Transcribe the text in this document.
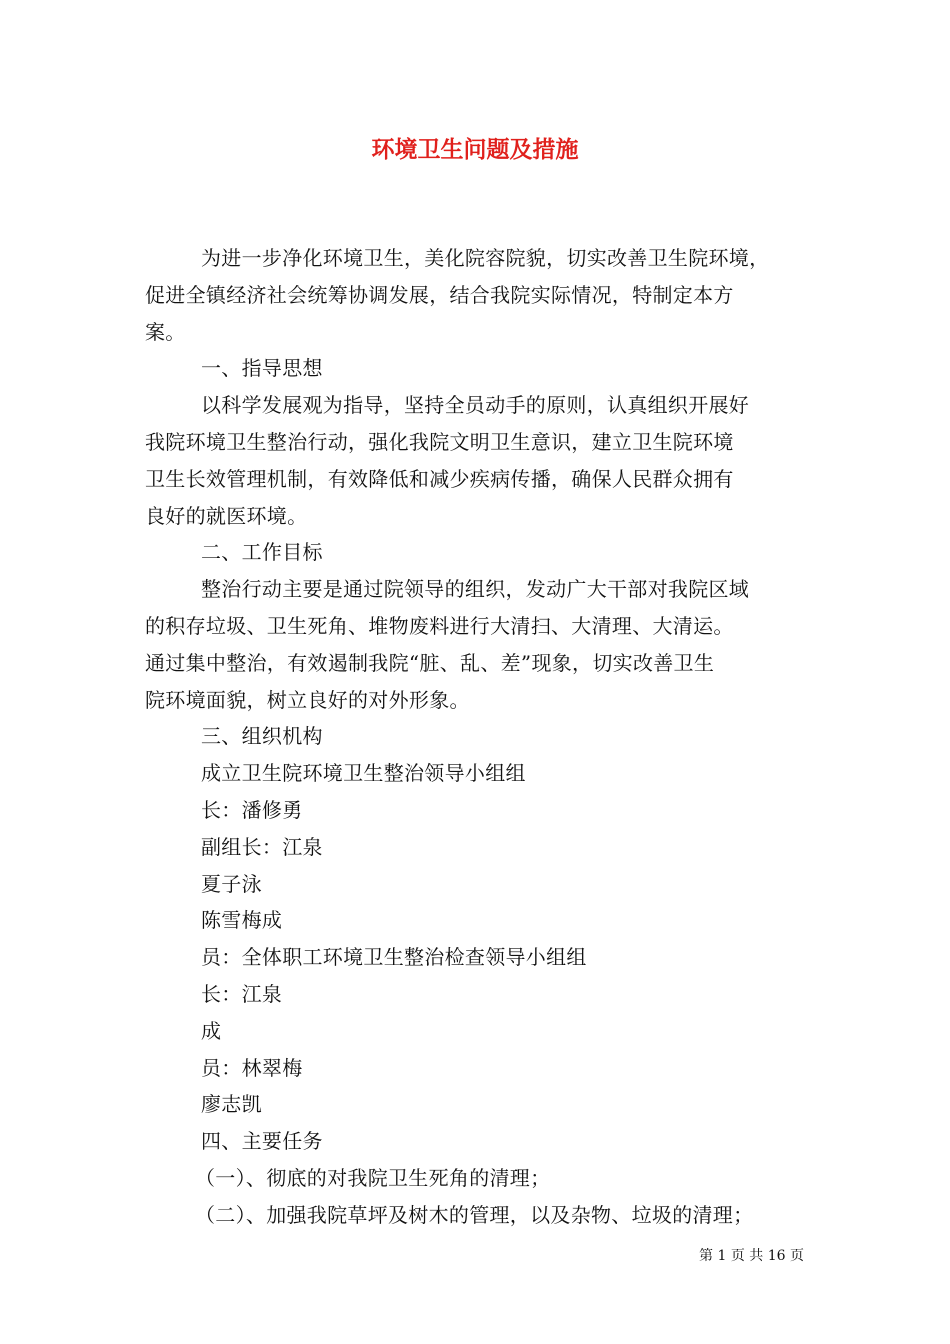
环境卫生问题及措施

为进一步净化环境卫生，美化院容院貌，切实改善卫生院环境，

促进全镇经济社会统筹协调发展，结合我院实际情况，特制定本方

案。

一、指导思想

以科学发展观为指导，坚持全员动手的原则，认真组织开展好

我院环境卫生整治行动，强化我院文明卫生意识，建立卫生院环境

卫生长效管理机制，有效降低和减少疾病传播，确保人民群众拥有

良好的就医环境。

二、工作目标

整治行动主要是通过院领导的组织，发动广大干部对我院区域

的积存垃圾、卫生死角、堆物废料进行大清扫、大清理、大清运。

通过集中整治，有效遏制我院“脏、乱、差”现象，切实改善卫生

院环境面貌，树立良好的对外形象。

三、组织机构

成立卫生院环境卫生整治领导小组组

长：潘修勇

副组长：江泉

夏子泳

陈雪梅成

员：全体职工环境卫生整治检查领导小组组

长：江泉

成

员：林翠梅

廖志凯

四、主要任务

（一）、彻底的对我院卫生死角的清理；

（二）、加强我院草坪及树木的管理，以及杂物、垃圾的清理；

第 1 页 共 16 页
